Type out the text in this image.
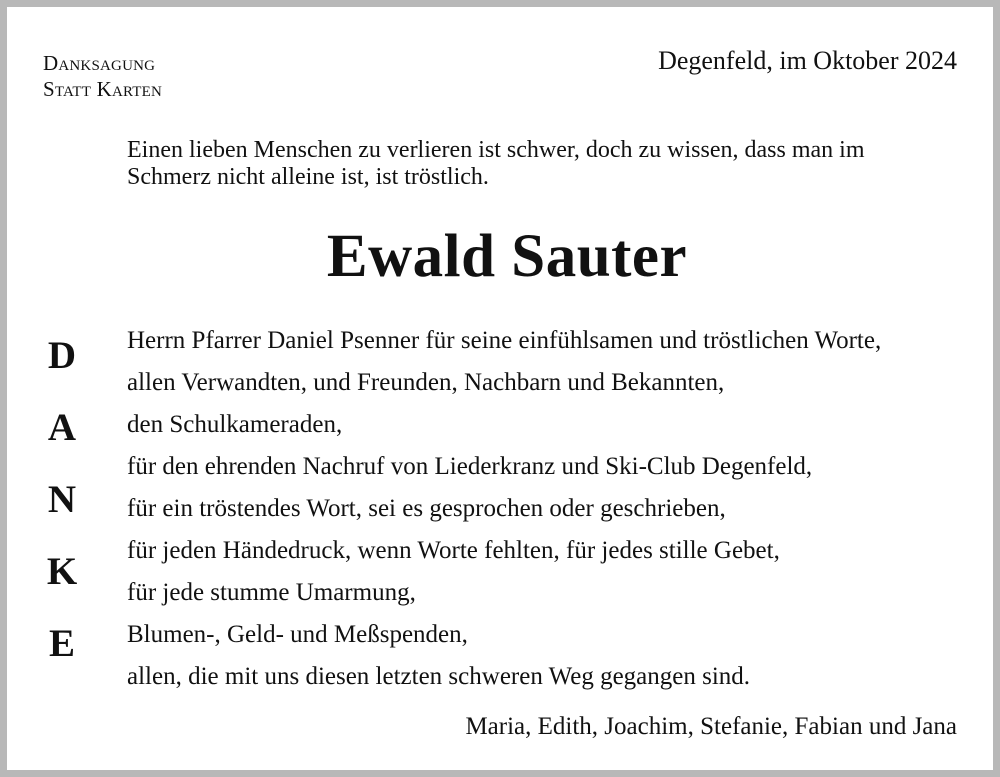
Danksagung
Statt Karten
Degenfeld, im Oktober 2024
Einen lieben Menschen zu verlieren ist schwer, doch zu wissen, dass man im
Schmerz nicht alleine ist, ist tröstlich.
Ewald Sauter
D
A
N
K
E
Herrn Pfarrer Daniel Psenner für seine einfühlsamen und tröstlichen Worte,
allen Verwandten, und Freunden, Nachbarn und Bekannten,
den Schulkameraden,
für den ehrenden Nachruf von Liederkranz und Ski-Club Degenfeld,
für ein tröstendes Wort, sei es gesprochen oder geschrieben,
für jeden Händedruck, wenn Worte fehlten, für jedes stille Gebet,
für jede stumme Umarmung,
Blumen-, Geld- und Meßspenden,
allen, die mit uns diesen letzten schweren Weg gegangen sind.
Maria, Edith, Joachim, Stefanie, Fabian und Jana
